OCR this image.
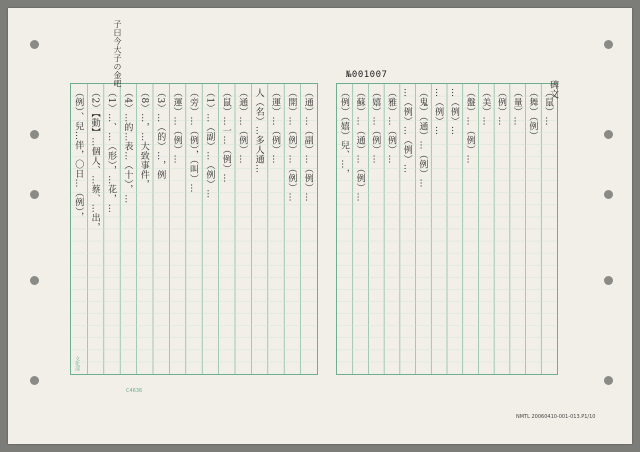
子曰今大子の金吧	№001007
碑文
C4636
文化部
NMTL 20060410-001-013.P1/10
（例）、兒…伴，〇日…（例）， （2）【動】…個人、…蔡、…出， （1）…、…（形），…花，… （4）…的…表…（十），… （8）…，…大致事件， （3）…（的）…，例 （運）…（例）… （旁）…（例），（叫）… （1）…（副）…（例）… （鼠）…一…（例）… （通）…（例）… 人（名）…多人通… （運）…（例）… （開）…（例）…（例）… （通）…（副）…（例）…	（例）（嬉）兒、…， （蘇）…（通）…（例）… （嬉）…（例）… （雅）…（例）… …（例）…（例）… （鬼）（通）…（例）… …（例）… …（例）… （盤）…（例）… （美）… （例）… （量）… （舞）（例） （鼠）…
